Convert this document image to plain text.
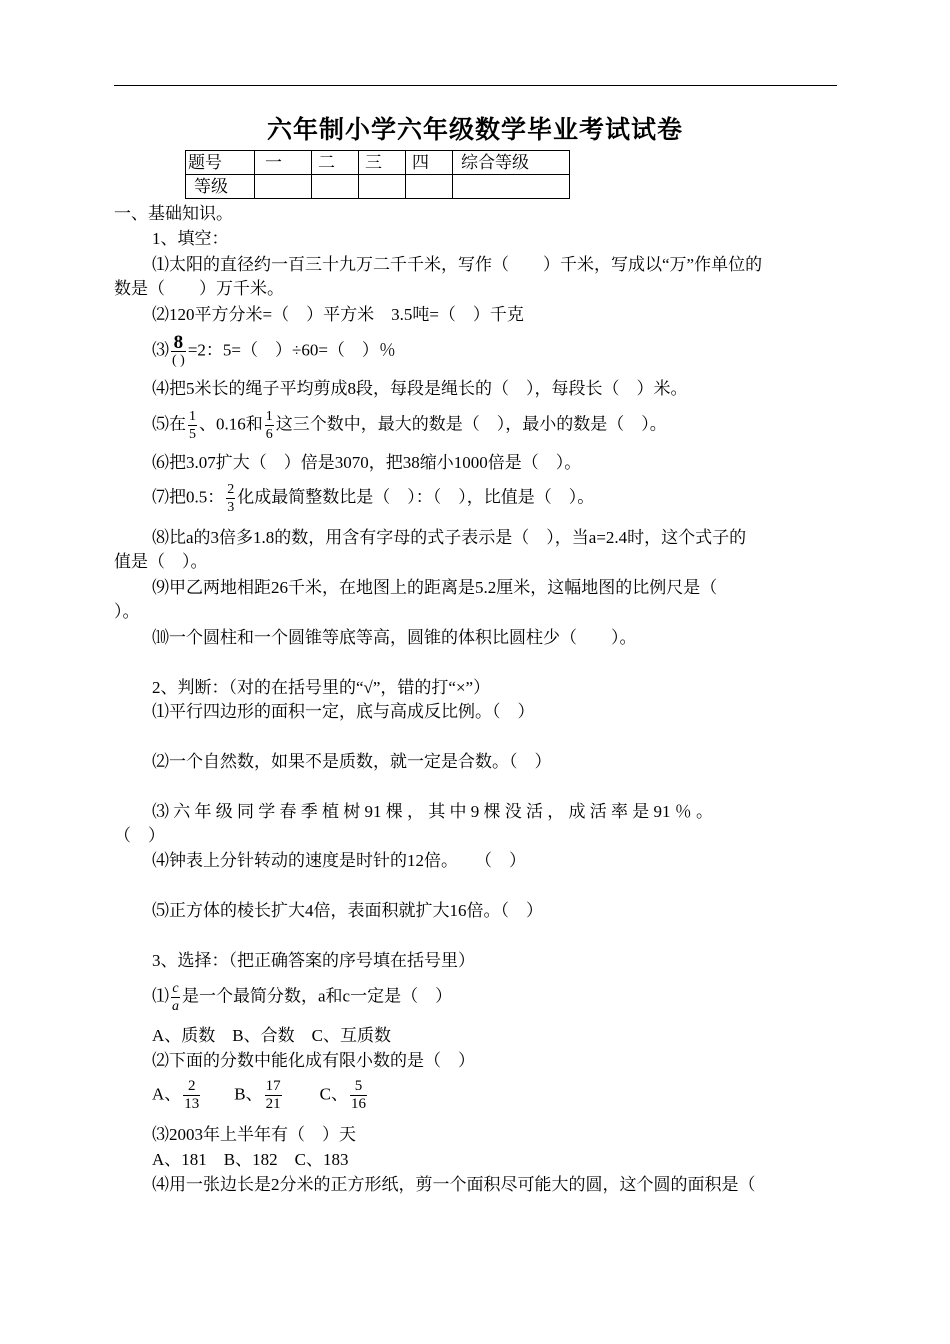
六年制小学六年级数学毕业考试试卷
题号	一	二	三	四	综合等级
等级					
一、基础知识。
1、填空：
⑴太阳的直径约一百三十九万二千千米，写作（　　）千米，写成以“万”作单位的
数是（　　）万千米。
⑵120平方分米=（　）平方米　3.5吨=（　）千克
⑶ $\frac{8}{( )} =2$：5=（　）÷60=（　）％
⑷把5米长的绳子平均剪成8段，每段是绳长的（　），每段长（　）米。
⑸在 $\frac{1}{5}$ 、0.16和 $\frac{1}{6}$ 这三个数中，最大的数是（　），最小的数是（　）。
⑹把3.07扩大（　）倍是3070，把38缩小1000倍是（　）。
⑺把0.5： $\frac{2}{3}$ 化成最简整数比是（　）：（　），比值是（　）。
⑻比a的3倍多1.8的数，用含有字母的式子表示是（　），当a=2.4时，这个式子的
值是（　）。
⑼甲乙两地相距26千米，在地图上的距离是5.2厘米，这幅地图的比例尺是（
）。
⑽一个圆柱和一个圆锥等底等高，圆锥的体积比圆柱少（　　）。
2、判断：（对的在括号里的“√”，错的打“×”）
⑴平行四边形的面积一定，底与高成反比例。（　）
⑵一个自然数，如果不是质数，就一定是合数。（　）
⑶ 六 年 级 同 学 春 季 植 树 91 棵 ， 其 中 9 棵 没 活 ， 成 活 率 是 91 ％ 。
（　）
⑷钟表上分针转动的速度是时针的12倍。　　（　）
⑸正方体的棱长扩大4倍，表面积就扩大16倍。（　）
3、选择：（把正确答案的序号填在括号里）
⑴ $\frac{c}{a}$ 是一个最简分数，a和c一定是（　）
A、质数　B、合数　C、互质数
⑵下面的分数中能化成有限小数的是（　）
A、 $\frac{2}{13}$ B、 $\frac{17}{21}$ C、 $\frac{5}{16}$
⑶2003年上半年有（　）天
A、181　B、182　C、183
⑷用一张边长是2分米的正方形纸，剪一个面积尽可能大的圆，这个圆的面积是（
